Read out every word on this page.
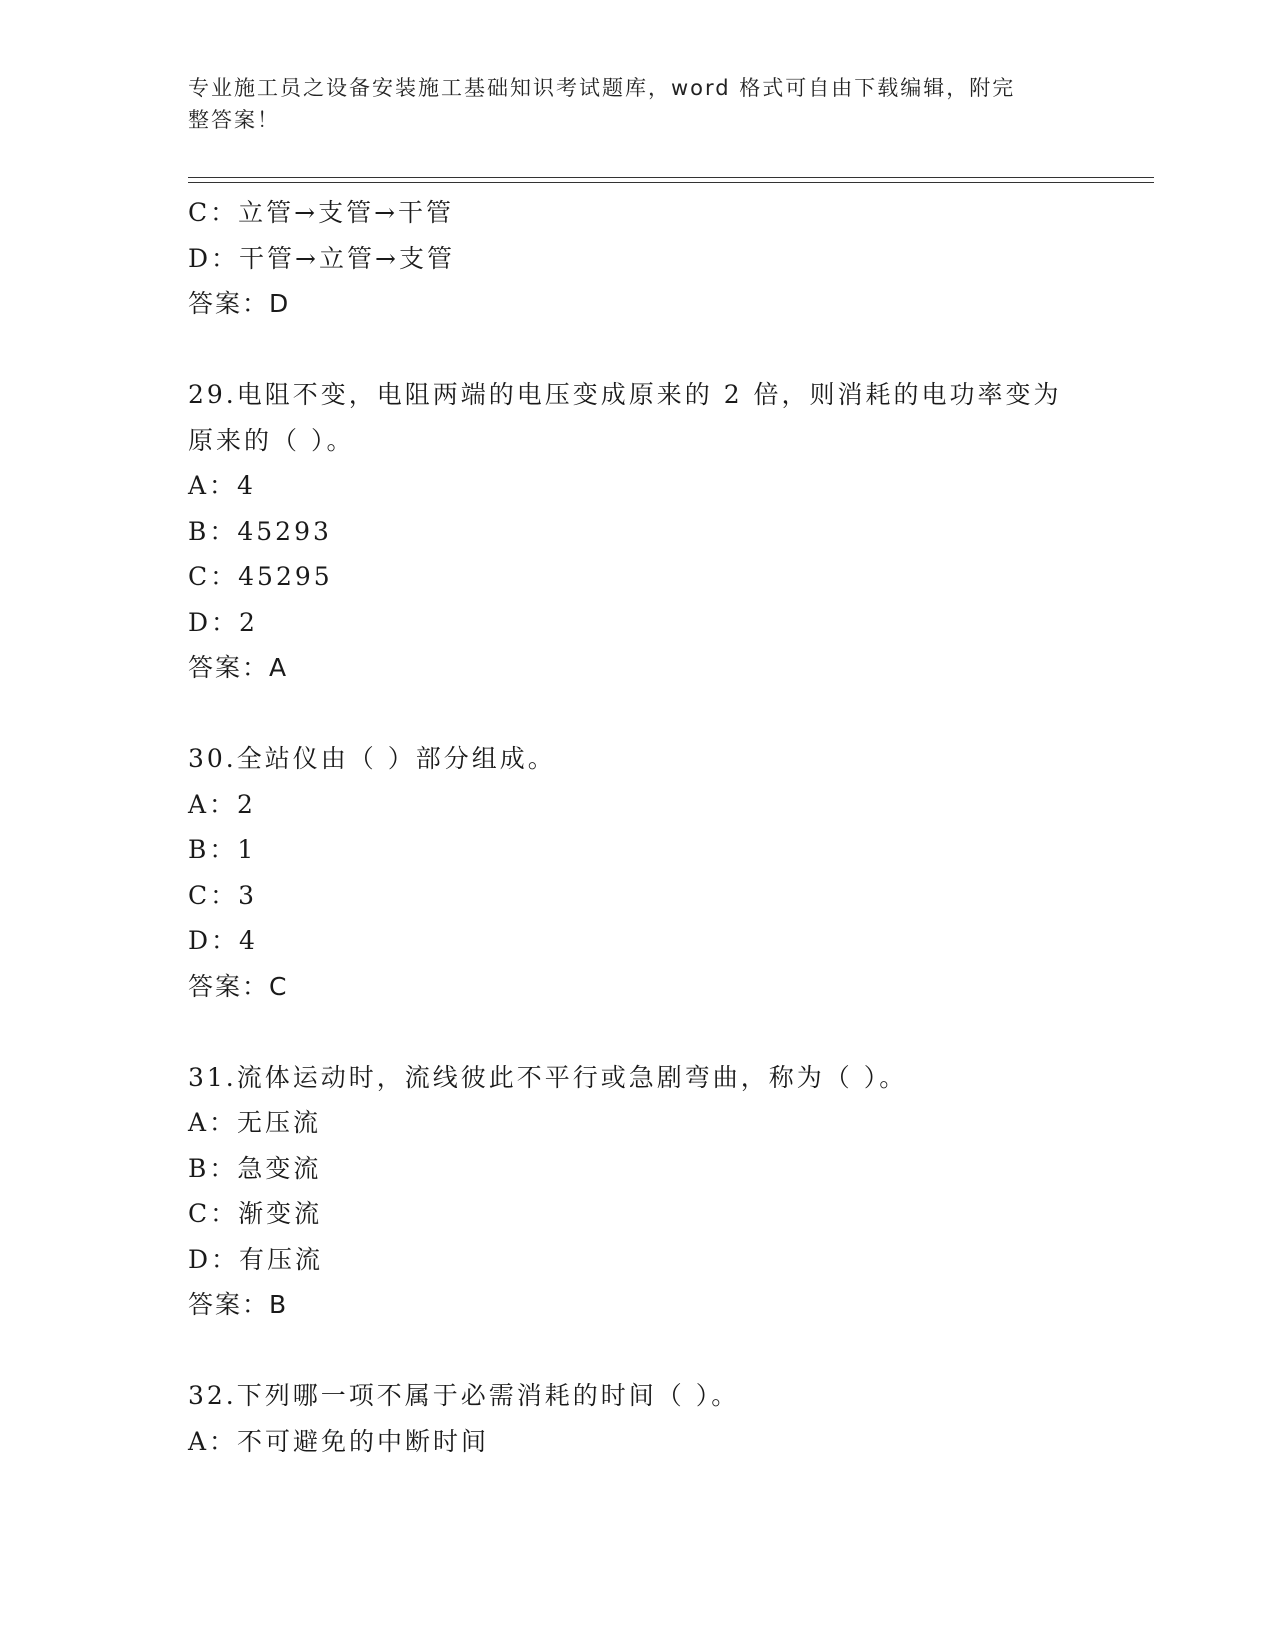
专业施工员之设备安装施工基础知识考试题库，word 格式可自由下载编辑，附完
整答案！
C：立管→支管→干管
D：干管→立管→支管
答案：D
29.电阻不变，电阻两端的电压变成原来的 2 倍，则消耗的电功率变为
原来的（ ）。
A：4
B：45293
C：45295
D：2
答案：A
30.全站仪由（ ）部分组成。
A：2
B：1
C：3
D：4
答案：C
31.流体运动时，流线彼此不平行或急剧弯曲，称为（ ）。
A：无压流
B：急变流
C：渐变流
D：有压流
答案：B
32.下列哪一项不属于必需消耗的时间（ ）。
A：不可避免的中断时间
